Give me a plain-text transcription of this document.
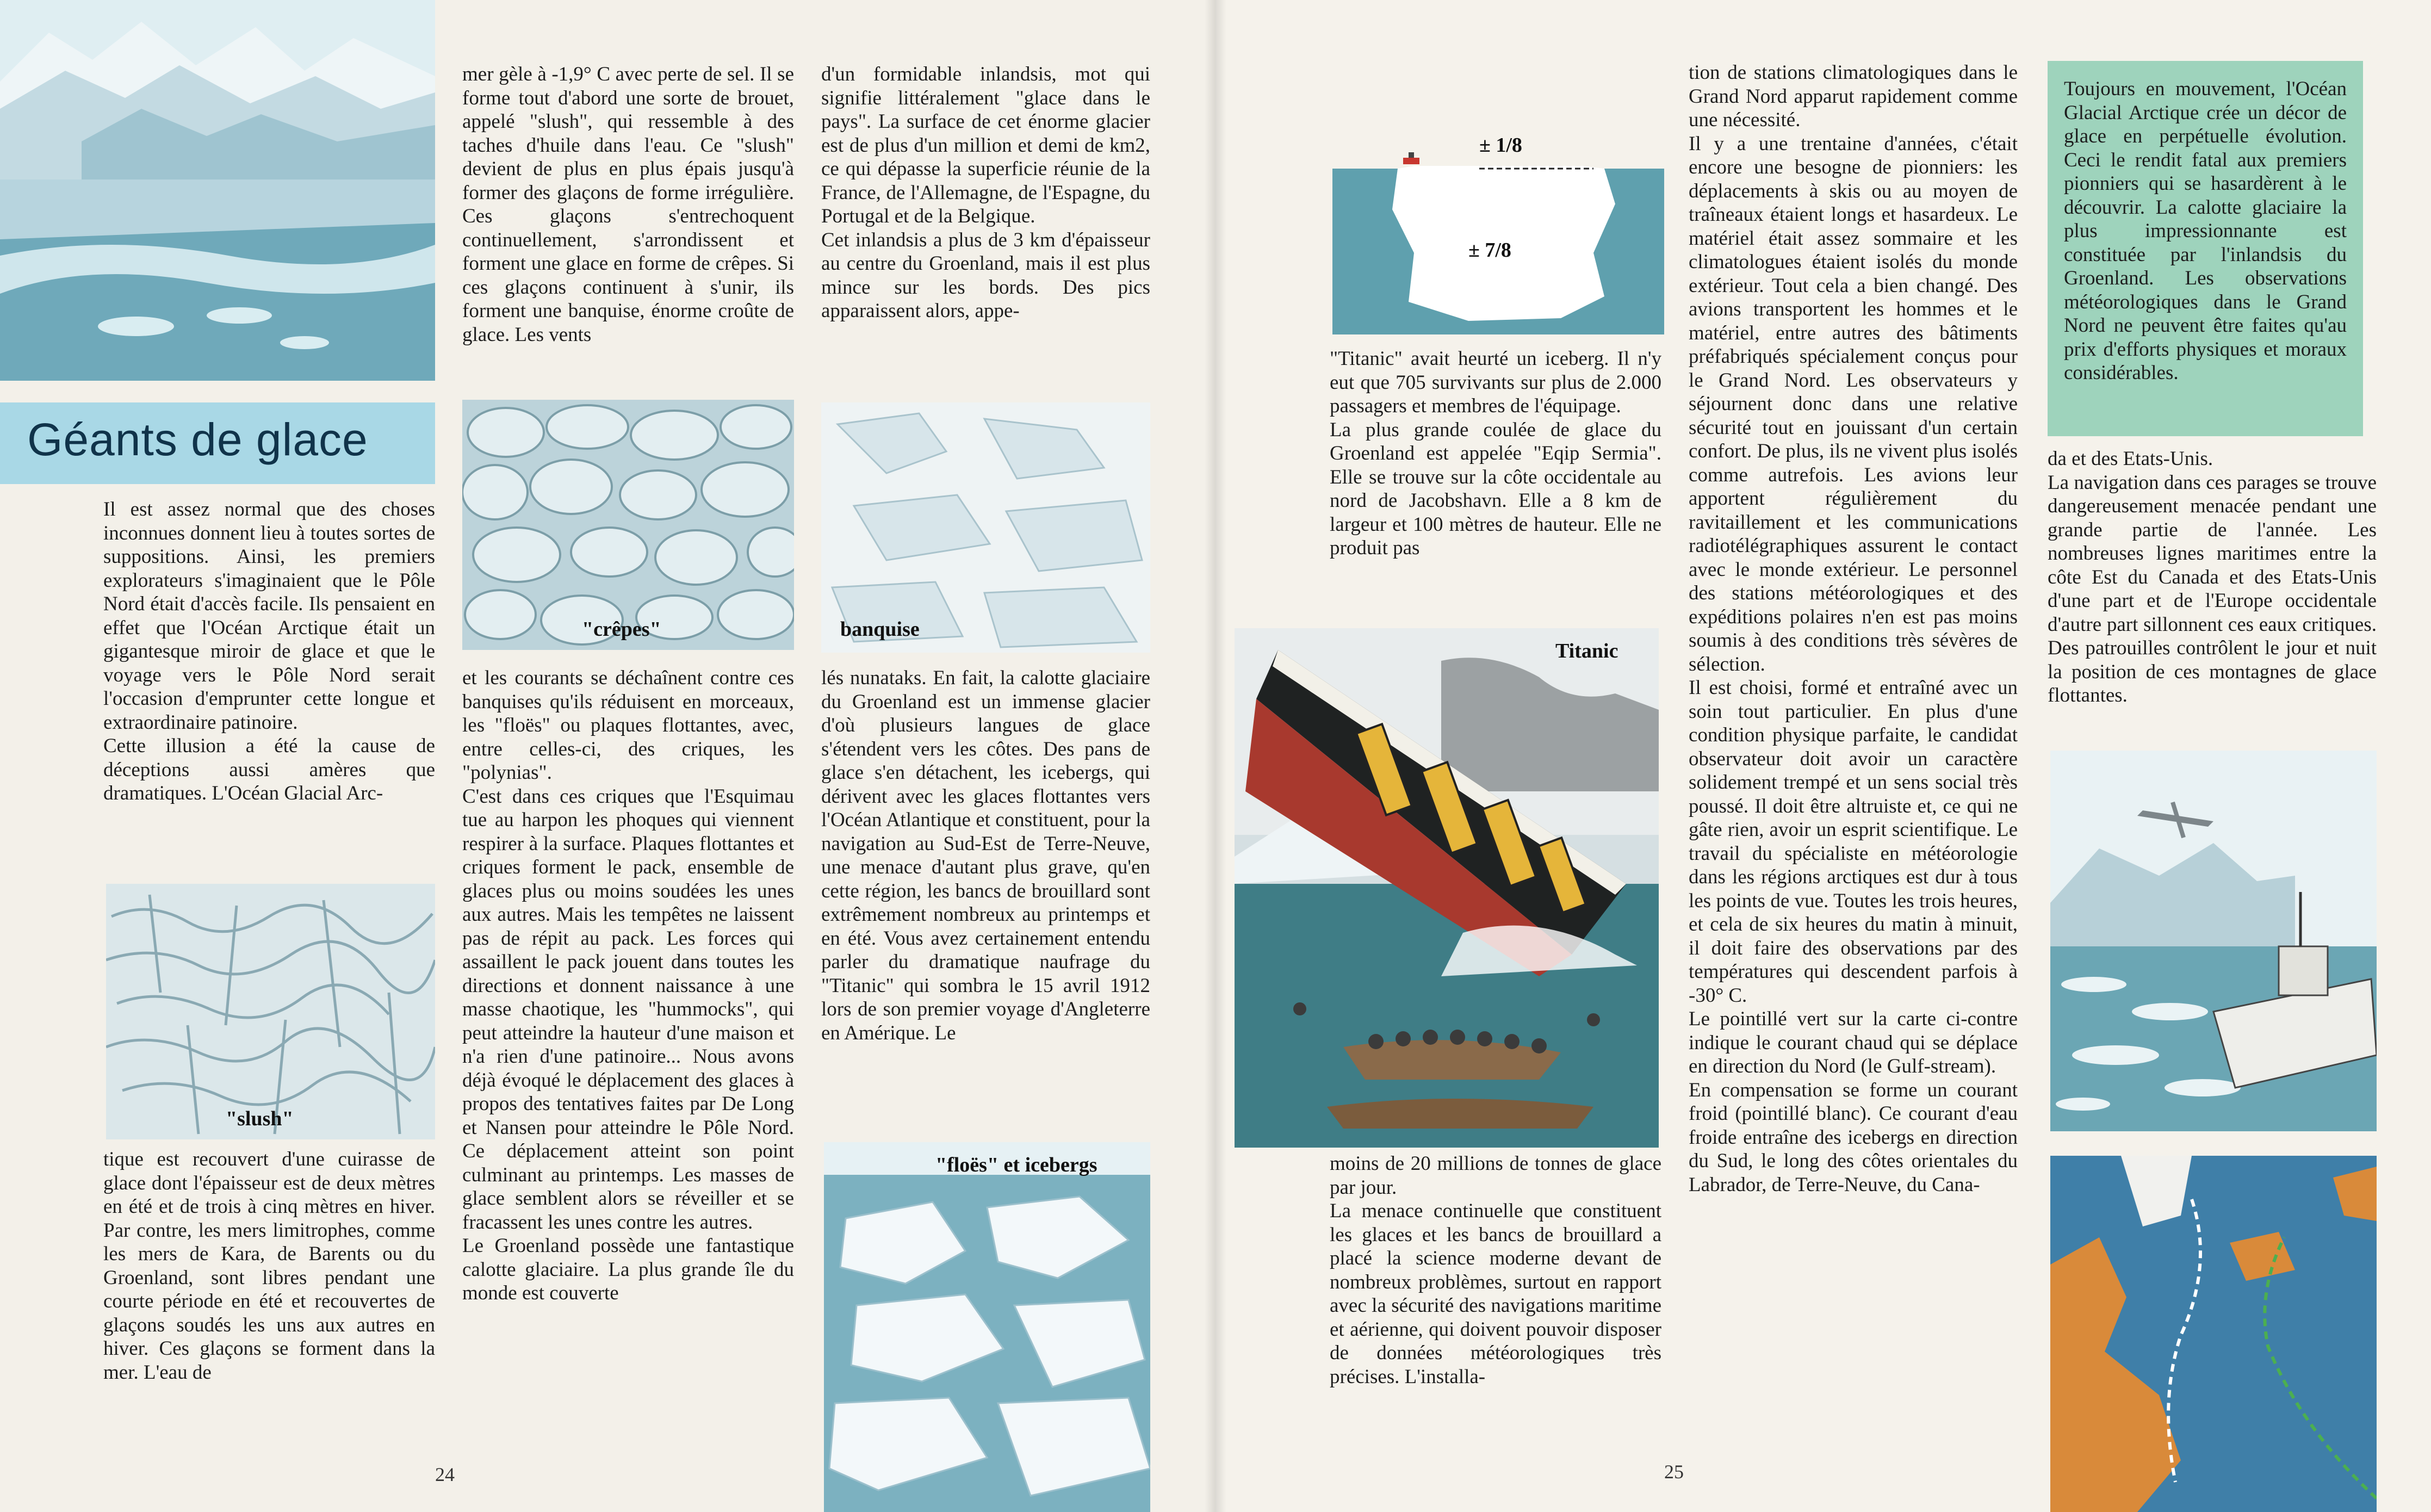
Géants de glace

Il est assez normal que des choses inconnues donnent lieu à toutes sortes de suppositions. Ainsi, les premiers explorateurs s'imaginaient que le Pôle Nord était d'accès facile. Ils pensaient en effet que l'Océan Arctique était un gigantesque miroir de glace et que le voyage vers le Pôle Nord serait l'occasion d'emprunter cette longue et extraordinaire patinoire.

Cette illusion a été la cause de déceptions aussi amères que dramatiques. L'Océan Glacial Arc-

"slush"

tique est recouvert d'une cuirasse de glace dont l'épaisseur est de deux mètres en été et de trois à cinq mètres en hiver. Par contre, les mers limitrophes, comme les mers de Kara, de Barents ou du Groenland, sont libres pendant une courte période en été et recouvertes de glaçons soudés les uns aux autres en hiver. Ces glaçons se forment dans la mer. L'eau de

mer gèle à -1,9° C avec perte de sel. Il se forme tout d'abord une sorte de brouet, appelé "slush", qui ressemble à des taches d'huile dans l'eau. Ce "slush" devient de plus en plus épais jusqu'à former des glaçons de forme irrégulière. Ces glaçons s'entrechoquent continuellement, s'arrondissent et forment une glace en forme de crêpes. Si ces glaçons continuent à s'unir, ils forment une banquise, énorme croûte de glace. Les vents

"crêpes"

et les courants se déchaînent contre ces banquises qu'ils réduisent en morceaux, les "floës" ou plaques flottantes, avec, entre celles-ci, des criques, les "polynias".

C'est dans ces criques que l'Esquimau tue au harpon les phoques qui viennent respirer à la surface. Plaques flottantes et criques forment le pack, ensemble de glaces plus ou moins soudées les unes aux autres. Mais les tempêtes ne laissent pas de répit au pack. Les forces qui assaillent le pack jouent dans toutes les directions et donnent naissance à une masse chaotique, les "hummocks", qui peut atteindre la hauteur d'une maison et n'a rien d'une patinoire... Nous avons déjà évoqué le déplacement des glaces à propos des tentatives faites par De Long et Nansen pour atteindre le Pôle Nord. Ce déplacement atteint son point culminant au printemps. Les masses de glace semblent alors se réveiller et se fracassent les unes contre les autres.

Le Groenland possède une fantastique calotte glaciaire. La plus grande île du monde est couverte

d'un formidable inlandsis, mot qui signifie littéralement "glace dans le pays". La surface de cet énorme glacier est de plus d'un million et demi de km2, ce qui dépasse la superficie réunie de la France, de l'Allemagne, de l'Espagne, du Portugal et de la Belgique.

Cet inlandsis a plus de 3 km d'épaisseur au centre du Groenland, mais il est plus mince sur les bords. Des pics apparaissent alors, appe-

banquise

lés nunataks. En fait, la calotte glaciaire du Groenland est un immense glacier d'où plusieurs langues de glace s'étendent vers les côtes. Des pans de glace s'en détachent, les icebergs, qui dérivent avec les glaces flottantes vers l'Océan Atlantique et constituent, pour la navigation au Sud-Est de Terre-Neuve, une menace d'autant plus grave, qu'en cette région, les bancs de brouillard sont extrêmement nombreux au printemps et en été. Vous avez certainement entendu parler du dramatique naufrage du "Titanic" qui sombra le 15 avril 1912 lors de son premier voyage d'Angleterre en Amérique. Le

"floës" et icebergs
24
± 1/8
± 7/8

"Titanic" avait heurté un iceberg. Il n'y eut que 705 survivants sur plus de 2.000 passagers et membres de l'équipage.

La plus grande coulée de glace du Groenland est appelée "Eqip Sermia". Elle se trouve sur la côte occidentale au nord de Jacobshavn. Elle a 8 km de largeur et 100 mètres de hauteur. Elle ne produit pas

Titanic

moins de 20 millions de tonnes de glace par jour.

La menace continuelle que constituent les glaces et les bancs de brouillard a placé la science moderne devant de nombreux problèmes, surtout en rapport avec la sécurité des navigations maritime et aérienne, qui doivent pouvoir disposer de données météorologiques très précises. L'installa-

tion de stations climatologiques dans le Grand Nord apparut rapidement comme une nécessité.

Il y a une trentaine d'années, c'était encore une besogne de pionniers: les déplacements à skis ou au moyen de traîneaux étaient longs et hasardeux. Le matériel était assez sommaire et les climatologues étaient isolés du monde extérieur. Tout cela a bien changé. Des avions transportent les hommes et le matériel, entre autres des bâtiments préfabriqués spécialement conçus pour le Grand Nord. Les observateurs y séjournent donc dans une relative sécurité tout en jouissant d'un certain confort. De plus, ils ne vivent plus isolés comme autrefois. Les avions leur apportent régulièrement du ravitaillement et les communications radiotélégraphiques assurent le contact avec le monde extérieur. Le personnel des stations météorologiques et des expéditions polaires n'en est pas moins soumis à des conditions très sévères de sélection.

Il est choisi, formé et entraîné avec un soin tout particulier. En plus d'une condition physique parfaite, le candidat observateur doit avoir un caractère solidement trempé et un sens social très poussé. Il doit être altruiste et, ce qui ne gâte rien, avoir un esprit scientifique. Le travail du spécialiste en météorologie dans les régions arctiques est dur à tous les points de vue. Toutes les trois heures, et cela de six heures du matin à minuit, il doit faire des observations par des températures qui descendent parfois à -30° C.

Le pointillé vert sur la carte ci-contre indique le courant chaud qui se déplace en direction du Nord (le Gulf-stream).

En compensation se forme un courant froid (pointillé blanc). Ce courant d'eau froide entraîne des icebergs en direction du Sud, le long des côtes orientales du Labrador, de Terre-Neuve, du Cana-

Toujours en mouvement, l'Océan Glacial Arctique crée un décor de glace en perpétuelle évolution. Ceci le rendit fatal aux premiers pionniers qui se hasardèrent à le découvrir. La calotte glaciaire la plus impressionnante est constituée par l'inlandsis du Groenland. Les observations météorologiques dans le Grand Nord ne peuvent être faites qu'au prix d'efforts physiques et moraux considérables.

da et des Etats-Unis.

La navigation dans ces parages se trouve dangereusement menacée pendant une grande partie de l'année. Les nombreuses lignes maritimes entre la côte Est du Canada et des Etats-Unis d'une part et de l'Europe occidentale d'autre part sillonnent ces eaux critiques. Des patrouilles contrôlent le jour et nuit la position de ces montagnes de glace flottantes.

25
